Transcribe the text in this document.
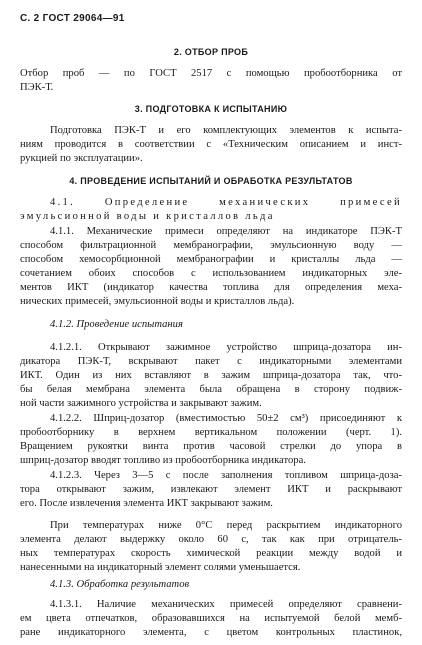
С. 2 ГОСТ 29064—91
2. ОТБОР ПРОБ
Отбор проб — по ГОСТ 2517 с помощью пробоотборника от
ПЭК-Т.
3. ПОДГОТОВКА К ИСПЫТАНИЮ
Подготовка ПЭК-Т и его комплектующих элементов к испыта-
ниям проводится в соответствии с «Техническим описанием и инст-
рукцией по эксплуатации».
4. ПРОВЕДЕНИЕ ИСПЫТАНИЙ И ОБРАБОТКА РЕЗУЛЬТАТОВ
4.1. Определение механических примесей
эмульсионной воды и кристаллов льда
4.1.1. Механические примеси определяют на индикаторе ПЭК-Т
способом фильтрационной мембранографии, эмульсионную воду —
способом хемосорбционной мембранографии и кристаллы льда —
сочетанием обоих способов с использованием индикаторных эле-
ментов ИКТ (индикатор качества топлива для определения меха-
нических примесей, эмульсионной воды и кристаллов льда).
4.1.2. Проведение испытания
4.1.2.1. Открывают зажимное устройство шприца-дозатора ин-
дикатора ПЭК-Т, вскрывают пакет с индикаторными элементами
ИКТ. Один из них вставляют в зажим шприца-дозатора так, что-
бы белая мембрана элемента была обращена в сторону подвиж-
ной части зажимного устройства и закрывают зажим.
4.1.2.2. Шприц-дозатор (вместимостью 50±2 см³) присоединяют к
пробоотборнику в верхнем вертикальном положении (черт. 1).
Вращением рукоятки винта против часовой стрелки до упора в
шприц-дозатор вводят топливо из пробоотборника индикатора.
4.1.2.3. Через 3—5 с после заполнения топливом шприца-доза-
тора открывают зажим, извлекают элемент ИКТ и раскрывают
его. После извлечения элемента ИКТ закрывают зажим.
При температурах ниже 0°С перед раскрытием индикаторного
элемента делают выдержку около 60 с, так как при отрицатель-
ных температурах скорость химической реакции между водой и
нанесенными на индикаторный элемент солями уменьшается.
4.1.3. Обработка результатов
4.1.3.1. Наличие механических примесей определяют сравнени-
ем цвета отпечатков, образовавшихся на испытуемой белой мемб-
ране индикаторного элемента, с цветом контрольных пластинок,
